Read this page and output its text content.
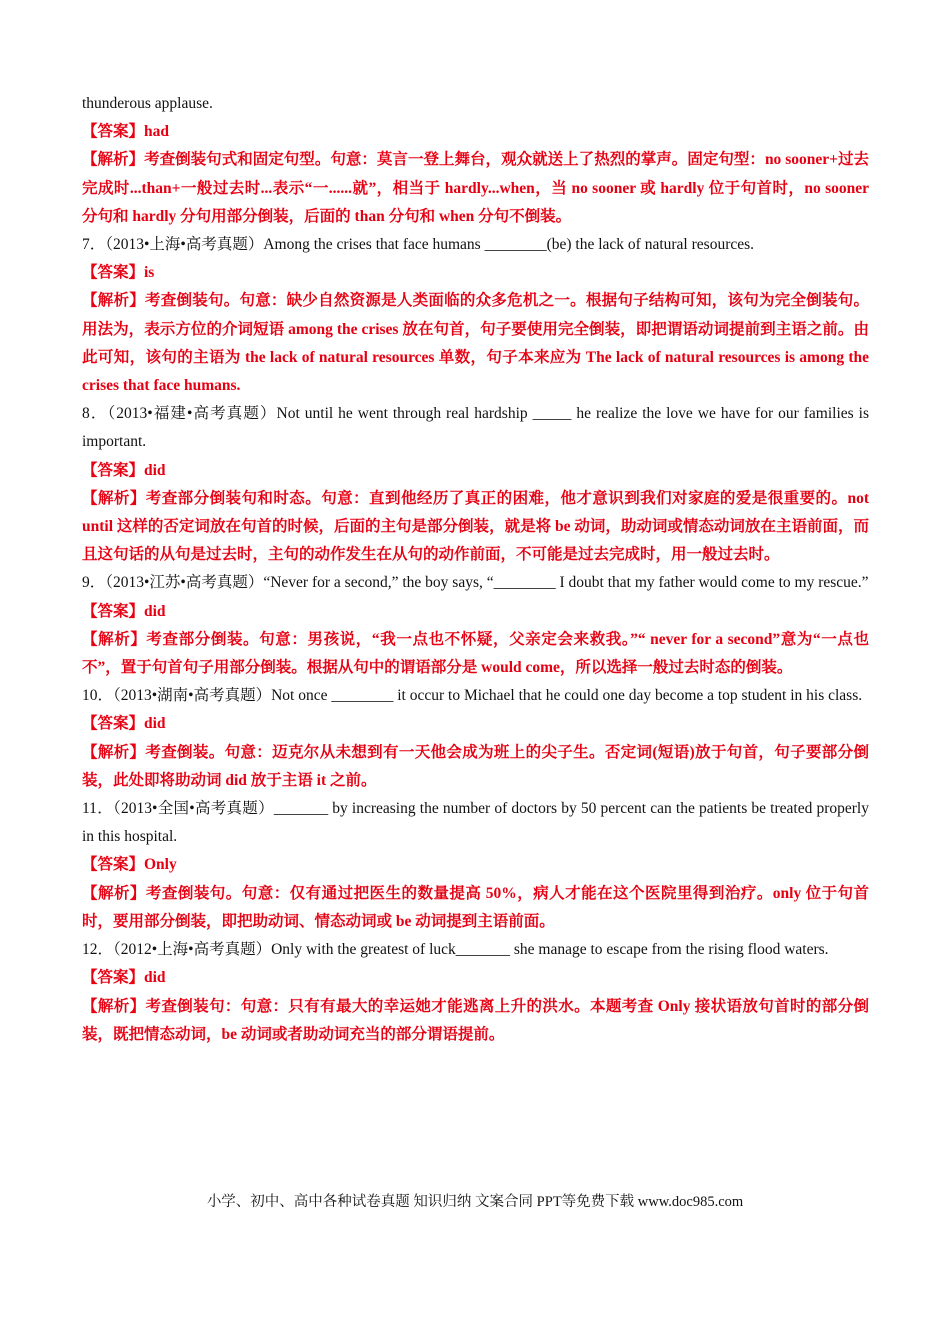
thunderous applause.
【答案】had
【解析】考查倒装句式和固定句型。句意：莫言一登上舞台，观众就送上了热烈的掌声。固定句型：no sooner+过去完成时...than+一般过去时...表示“一......就”，相当于 hardly...when，当 no sooner 或 hardly 位于句首时，no sooner 分句和 hardly 分句用部分倒装，后面的 than 分句和 when 分句不倒装。
7．（2013•上海•高考真题）Among the crises that face humans ________(be) the lack of natural resources.
【答案】is
【解析】考查倒装句。句意：缺少自然资源是人类面临的众多危机之一。根据句子结构可知，该句为完全倒装句。用法为，表示方位的介词短语 among the crises 放在句首，句子要使用完全倒装，即把谓语动词提前到主语之前。由此可知，该句的主语为 the lack of natural resources 单数，句子本来应为 The lack of natural resources is among the crises that face humans.
8．（2013•福建•高考真题）Not until he went through real hardship _____ he realize the love we have for our families is important.
【答案】did
【解析】考查部分倒装句和时态。句意：直到他经历了真正的困难，他才意识到我们对家庭的爱是很重要的。not until 这样的否定词放在句首的时候，后面的主句是部分倒装，就是将 be 动词，助动词或情态动词放在主语前面，而且这句话的从句是过去时，主句的动作发生在从句的动作前面，不可能是过去完成时，用一般过去时。
9．（2013•江苏•高考真题）“Never for a second,” the boy says, “________ I doubt that my father would come to my rescue.”
【答案】did
【解析】考查部分倒装。句意：男孩说，“我一点也不怀疑，父亲定会来救我。”“ never for a second”意为“一点也不”，置于句首句子用部分倒装。根据从句中的谓语部分是 would come，所以选择一般过去时态的倒装。
10．（2013•湖南•高考真题）Not once ________ it occur to Michael that he could one day become a top student in his class.
【答案】did
【解析】考查倒装。句意：迈克尔从未想到有一天他会成为班上的尖子生。否定词(短语)放于句首，句子要部分倒装，此处即将助动词 did 放于主语 it 之前。
11．（2013•全国•高考真题）_______ by increasing the number of doctors by 50 percent can the patients be treated properly in this hospital.
【答案】Only
【解析】考查倒装句。句意：仅有通过把医生的数量提高 50%，病人才能在这个医院里得到治疗。only 位于句首时，要用部分倒装，即把助动词、情态动词或 be 动词提到主语前面。
12．（2012•上海•高考真题）Only with the greatest of luck_______ she manage to escape from the rising flood waters.
【答案】did
【解析】考查倒装句：句意：只有有最大的幸运她才能逃离上升的洪水。本题考查 Only 接状语放句首时的部分倒装，既把情态动词，be 动词或者助动词充当的部分谓语提前。
小学、初中、高中各种试卷真题 知识归纳 文案合同 PPT等免费下载 www.doc985.com
